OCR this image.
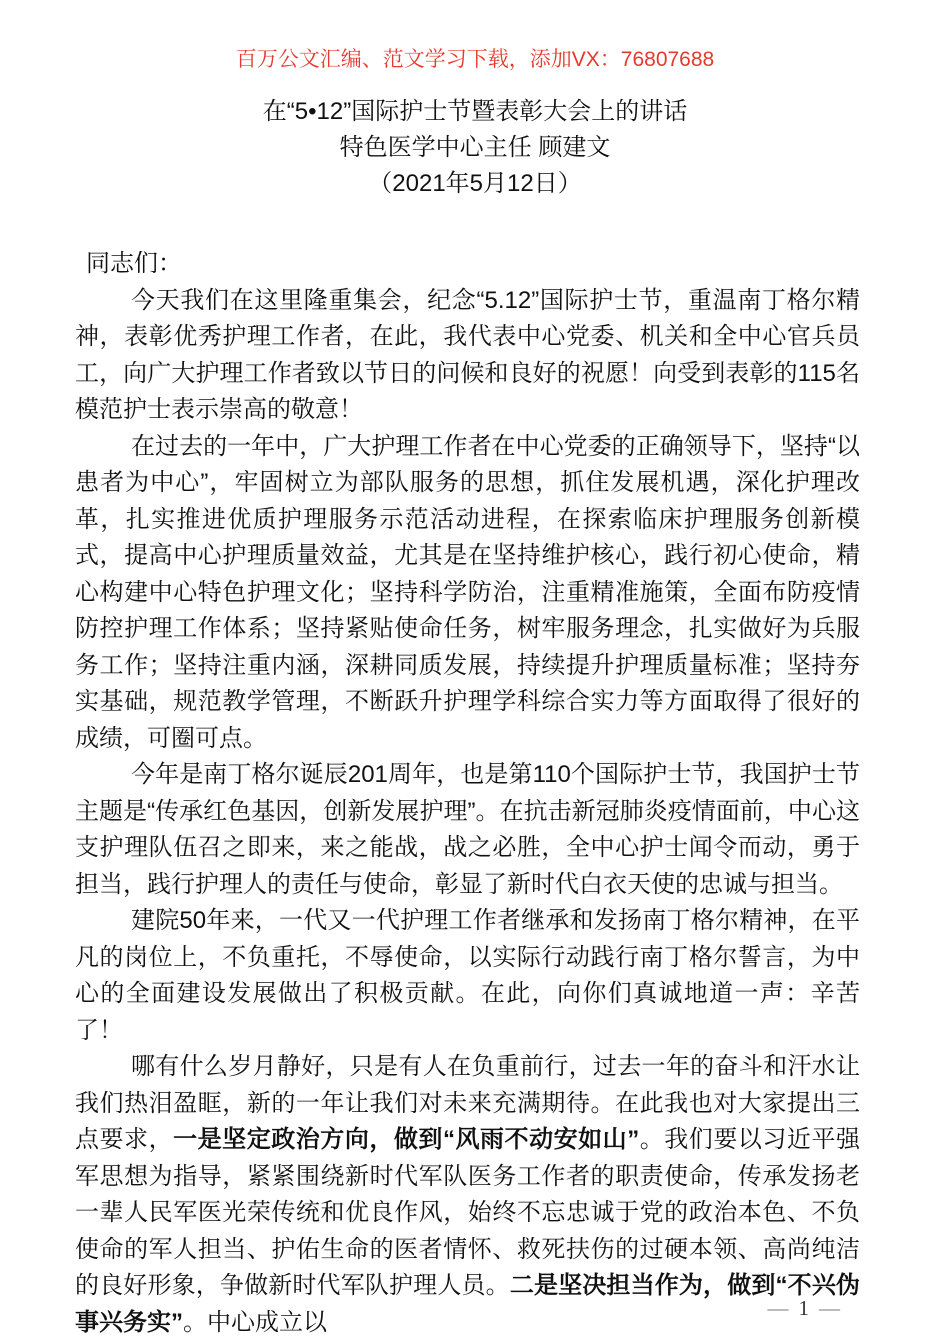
百万公文汇编、范文学习下载，添加VX：76807688
在“5•12”国际护士节暨表彰大会上的讲话
特色医学中心主任 顾建文
（2021年5月12日）
同志们：

今天我们在这里隆重集会，纪念“5.12”国际护士节，重温南丁格尔精神，表彰优秀护理工作者，在此，我代表中心党委、机关和全中心官兵员工，向广大护理工作者致以节日的问候和良好的祝愿！向受到表彰的115名模范护士表示崇高的敬意！

在过去的一年中，广大护理工作者在中心党委的正确领导下，坚持“以患者为中心”，牢固树立为部队服务的思想，抓住发展机遇，深化护理改革，扎实推进优质护理服务示范活动进程，在探索临床护理服务创新模式，提高中心护理质量效益，尤其是在坚持维护核心，践行初心使命，精心构建中心特色护理文化；坚持科学防治，注重精准施策，全面布防疫情防控护理工作体系；坚持紧贴使命任务，树牢服务理念，扎实做好为兵服务工作；坚持注重内涵，深耕同质发展，持续提升护理质量标准；坚持夯实基础，规范教学管理，不断跃升护理学科综合实力等方面取得了很好的成绩，可圈可点。

今年是南丁格尔诞辰201周年，也是第110个国际护士节，我国护士节主题是“传承红色基因，创新发展护理”。在抗击新冠肺炎疫情面前，中心这支护理队伍召之即来，来之能战，战之必胜，全中心护士闻令而动，勇于担当，践行护理人的责任与使命，彰显了新时代白衣天使的忠诚与担当。

建院50年来，一代又一代护理工作者继承和发扬南丁格尔精神，在平凡的岗位上，不负重托，不辱使命，以实际行动践行南丁格尔誓言，为中心的全面建设发展做出了积极贡献。在此，向你们真诚地道一声：辛苦了！

哪有什么岁月静好，只是有人在负重前行，过去一年的奋斗和汗水让我们热泪盈眶，新的一年让我们对未来充满期待。在此我也对大家提出三点要求，一是坚定政治方向，做到“风雨不动安如山”。我们要以习近平强军思想为指导，紧紧围绕新时代军队医务工作者的职责使命，传承发扬老一辈人民军医光荣传统和优良作风，始终不忘忠诚于党的政治本色、不负使命的军人担当、护佑生命的医者情怀、救死扶伤的过硬本领、高尚纯洁的良好形象，争做新时代军队护理人员。二是坚决担当作为，做到“不兴伪事兴务实”。中心成立以

— 1 —
